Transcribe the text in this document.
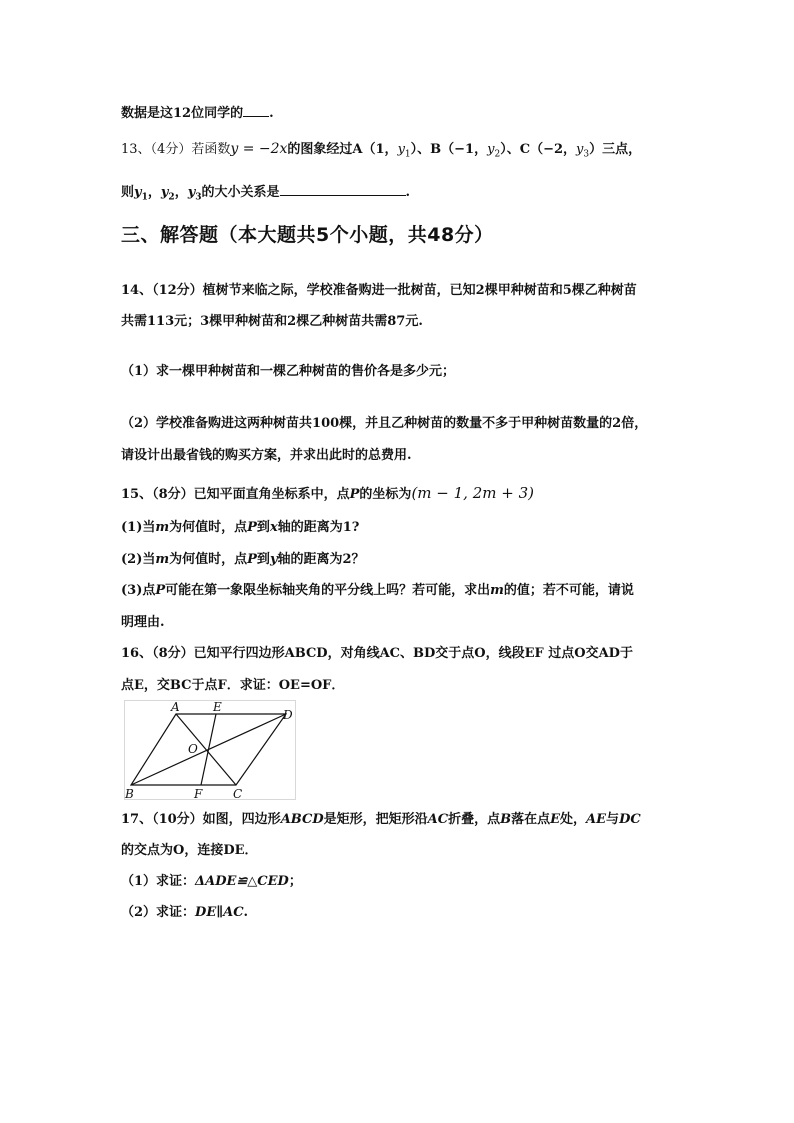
数据是这12位同学的 .
13、（4分）若函数y = −2x的图象经过A（1，$y_1$）、B（−1，$y_2$）、C（−2，$y_3$）三点，
则$y_1$，$y_2$，$y_3$的大小关系是	.
三、解答题（本大题共5个小题，共48分）
14、（12分）植树节来临之际，学校准备购进一批树苗，已知2棵甲种树苗和5棵乙种树苗
共需113元；3棵甲种树苗和2棵乙种树苗共需87元.
（1）求一棵甲种树苗和一棵乙种树苗的售价各是多少元；
（2）学校准备购进这两种树苗共100棵，并且乙种树苗的数量不多于甲种树苗数量的2倍，
请设计出最省钱的购买方案，并求出此时的总费用.
15、（8分）已知平面直角坐标系中，点P的坐标为(m − 1, 2m + 3)
(1)当m为何值时，点P到x轴的距离为1?
(2)当m为何值时，点P到y轴的距离为2？
(3)点P可能在第一象限坐标轴夹角的平分线上吗？若可能，求出m的值；若不可能，请说
明理由.
16、（8分）已知平行四边形ABCD，对角线AC、BD交于点O，线段EF 过点O交AD于
点E，交BC于点F．求证：OE=OF．
A	E
D
O
B	F	C
17、（10分）如图，四边形ABCD是矩形，把矩形沿AC折叠，点B落在点E处，AE与DC
的交点为O，连接DE．
（1）求证：ΔADE≌△CED；
（2）求证：DE∥AC.
